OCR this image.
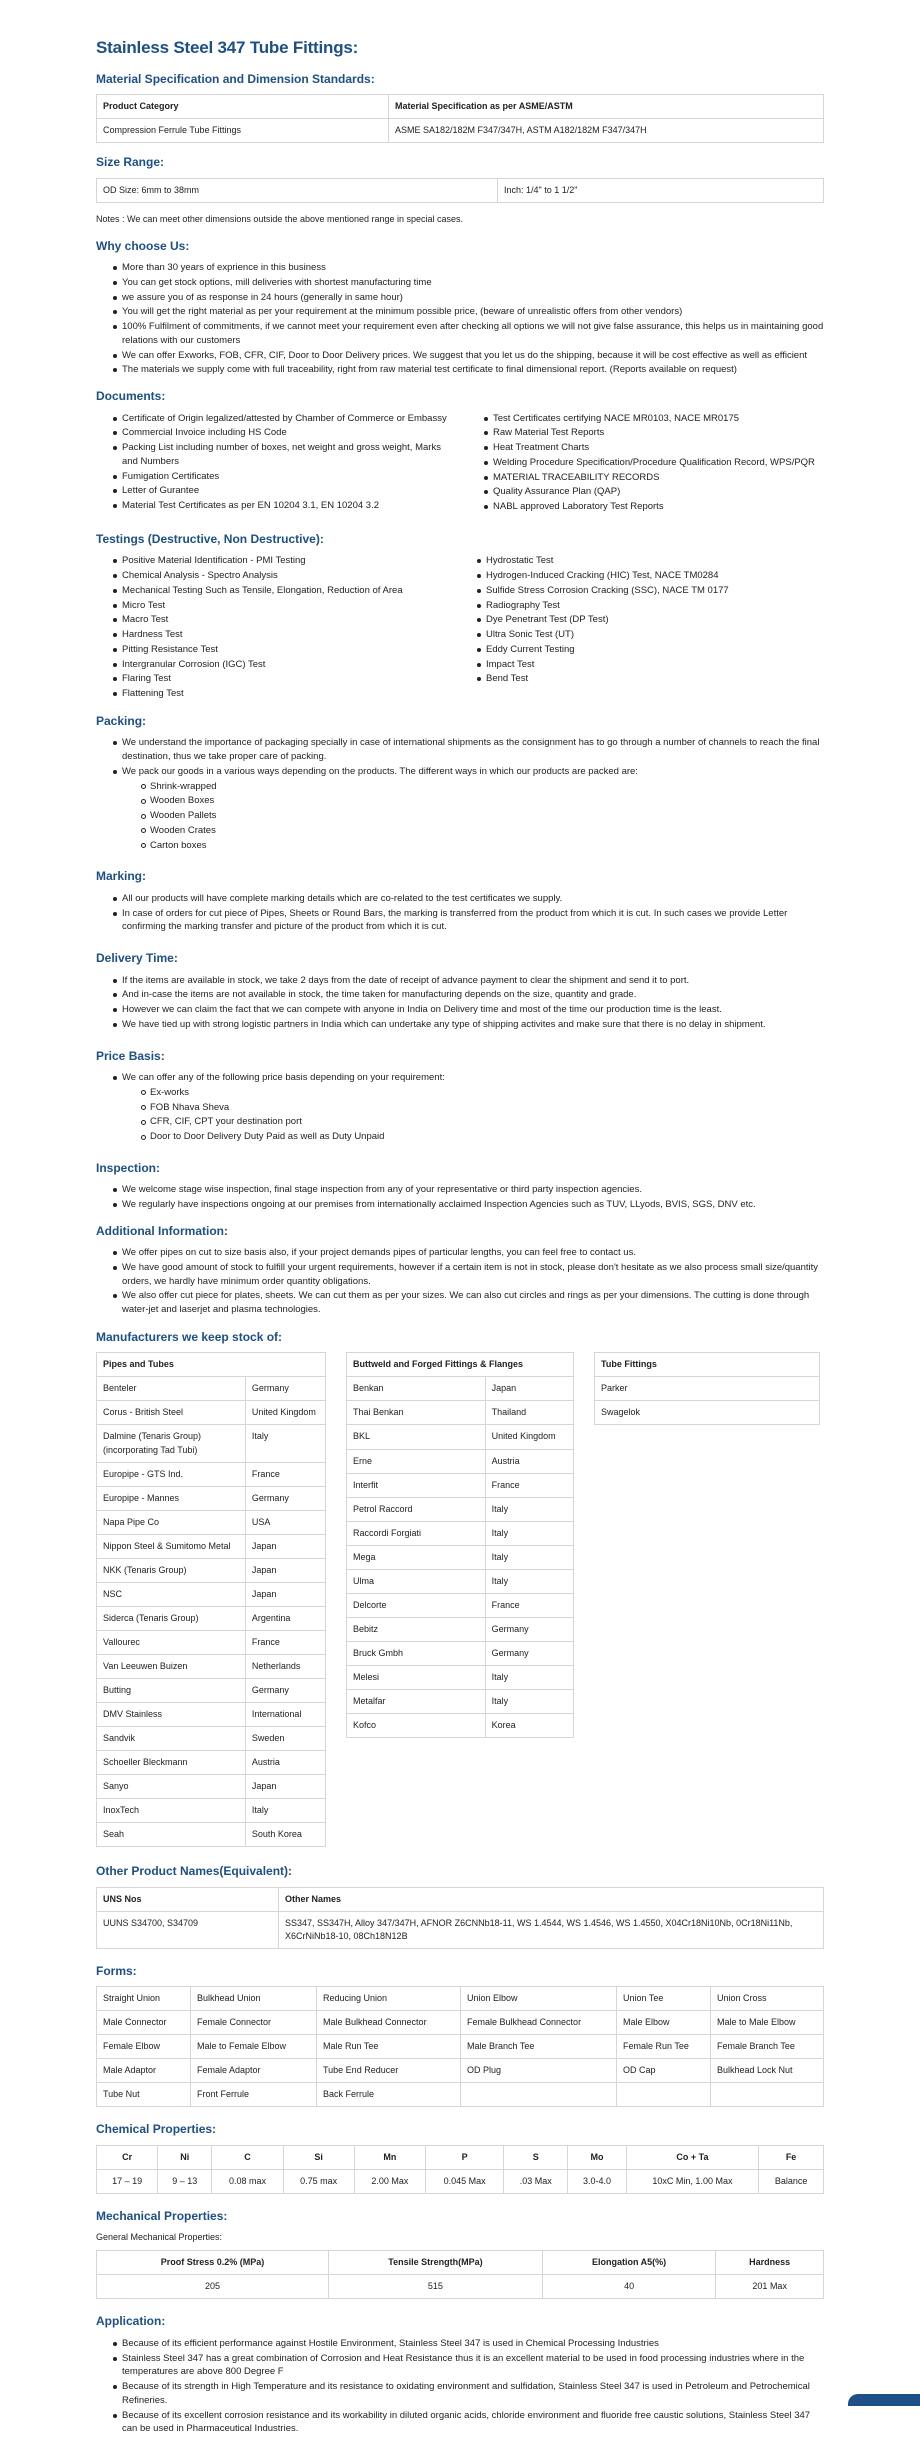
Stainless Steel 347 Tube Fittings:
Material Specification and Dimension Standards:
Product Category	Material Specification as per ASME/ASTM
Compression Ferrule Tube Fittings	ASME SA182/182M F347/347H, ASTM A182/182M F347/347H
Size Range:
OD Size: 6mm to 38mm	Inch: 1/4" to 1 1/2"

Notes : We can meet other dimensions outside the above mentioned range in special cases.

Why choose Us:
More than 30 years of exprience in this business
You can get stock options, mill deliveries with shortest manufacturing time
we assure you of as response in 24 hours (generally in same hour)
You will get the right material as per your requirement at the minimum possible price, (beware of unrealistic offers from other vendors)
100% Fulfilment of commitments, if we cannot meet your requirement even after checking all options we will not give false assurance, this helps us in maintaining good relations with our customers
We can offer Exworks, FOB, CFR, CIF, Door to Door Delivery prices. We suggest that you let us do the shipping, because it will be cost effective as well as efficient
The materials we supply come with full traceability, right from raw material test certificate to final dimensional report. (Reports available on request)
Documents:
Certificate of Origin legalized/attested by Chamber of Commerce or Embassy
Commercial Invoice including HS Code
Packing List including number of boxes, net weight and gross weight, Marks and Numbers
Fumigation Certificates
Letter of Gurantee
Material Test Certificates as per EN 10204 3.1, EN 10204 3.2
Test Certificates certifying NACE MR0103, NACE MR0175
Raw Material Test Reports
Heat Treatment Charts
Welding Procedure Specification/Procedure Qualification Record, WPS/PQR
MATERIAL TRACEABILITY RECORDS
Quality Assurance Plan (QAP)
NABL approved Laboratory Test Reports
Testings (Destructive, Non Destructive):
Positive Material Identification - PMI Testing
Chemical Analysis - Spectro Analysis
Mechanical Testing Such as Tensile, Elongation, Reduction of Area
Micro Test
Macro Test
Hardness Test
Pitting Resistance Test
Intergranular Corrosion (IGC) Test
Flaring Test
Flattening Test
Hydrostatic Test
Hydrogen-Induced Cracking (HIC) Test, NACE TM0284
Sulfide Stress Corrosion Cracking (SSC), NACE TM 0177
Radiography Test
Dye Penetrant Test (DP Test)
Ultra Sonic Test (UT)
Eddy Current Testing
Impact Test
Bend Test
Packing:
We understand the importance of packaging specially in case of international shipments as the consignment has to go through a number of channels to reach the final destination, thus we take proper care of packing.
We pack our goods in a various ways depending on the products. The different ways in which our products are packed are:
Shrink-wrapped
Wooden Boxes
Wooden Pallets
Wooden Crates
Carton boxes
Marking:
All our products will have complete marking details which are co-related to the test certificates we supply.
In case of orders for cut piece of Pipes, Sheets or Round Bars, the marking is transferred from the product from which it is cut. In such cases we provide Letter confirming the marking transfer and picture of the product from which it is cut.
Delivery Time:
If the items are available in stock, we take 2 days from the date of receipt of advance payment to clear the shipment and send it to port.
And in-case the items are not available in stock, the time taken for manufacturing depends on the size, quantity and grade.
However we can claim the fact that we can compete with anyone in India on Delivery time and most of the time our production time is the least.
We have tied up with strong logistic partners in India which can undertake any type of shipping activites and make sure that there is no delay in shipment.
Price Basis:
We can offer any of the following price basis depending on your requirement:
Ex-works
FOB Nhava Sheva
CFR, CIF, CPT your destination port
Door to Door Delivery Duty Paid as well as Duty Unpaid
Inspection:
We welcome stage wise inspection, final stage inspection from any of your representative or third party inspection agencies.
We regularly have inspections ongoing at our premises from internationally acclaimed Inspection Agencies such as TUV, LLyods, BVIS, SGS, DNV etc.
Additional Information:
We offer pipes on cut to size basis also, if your project demands pipes of particular lengths, you can feel free to contact us.
We have good amount of stock to fulfill your urgent requirements, however if a certain item is not in stock, please don't hesitate as we also process small size/quantity orders, we hardly have minimum order quantity obligations.
We also offer cut piece for plates, sheets. We can cut them as per your sizes. We can also cut circles and rings as per your dimensions. The cutting is done through water-jet and laserjet and plasma technologies.
Manufacturers we keep stock of:
Pipes and Tubes	
Benteler	Germany
Corus - British Steel	United Kingdom
Dalmine (Tenaris Group) (incorporating Tad Tubi)	Italy
Europipe - GTS Ind.	France
Europipe - Mannes	Germany
Napa Pipe Co	USA
Nippon Steel & Sumitomo Metal	Japan
NKK (Tenaris Group)	Japan
NSC	Japan
Siderca (Tenaris Group)	Argentina
Vallourec	France
Van Leeuwen Buizen	Netherlands
Butting	Germany
DMV Stainless	International
Sandvik	Sweden
Schoeller Bleckmann	Austria
Sanyo	Japan
InoxTech	Italy
Seah	South Korea
Buttweld and Forged Fittings & Flanges	
Benkan	Japan
Thai Benkan	Thailand
BKL	United Kingdom
Erne	Austria
Interfit	France
Petrol Raccord	Italy
Raccordi Forgiati	Italy
Mega	Italy
Ulma	Italy
Delcorte	France
Bebitz	Germany
Bruck Gmbh	Germany
Melesi	Italy
Metalfar	Italy
Kofco	Korea
Tube Fittings
Parker
Swagelok
Other Product Names(Equivalent):
UNS Nos	Other Names
UUNS S34700, S34709	SS347, SS347H, Alloy 347/347H, AFNOR Z6CNNb18-11, WS 1.4544, WS 1.4546, WS 1.4550, X04Cr18Ni10Nb, 0Cr18Ni11Nb, X6CrNiNb18-10, 08Ch18N12B
Forms:
Straight Union	Bulkhead Union	Reducing Union	Union Elbow	Union Tee	Union Cross
Male Connector	Female Connector	Male Bulkhead Connector	Female Bulkhead Connector	Male Elbow	Male to Male Elbow
Female Elbow	Male to Female Elbow	Male Run Tee	Male Branch Tee	Female Run Tee	Female Branch Tee
Male Adaptor	Female Adaptor	Tube End Reducer	OD Plug	OD Cap	Bulkhead Lock Nut
Tube Nut	Front Ferrule	Back Ferrule			
Chemical Properties:
Cr	Ni	C	Si	Mn	P	S	Mo	Co + Ta	Fe
17 – 19	9 – 13	0.08 max	0.75 max	2.00 Max	0.045 Max	.03 Max	3.0-4.0	10xC Min, 1.00 Max	Balance
Mechanical Properties:

General Mechanical Properties:

Proof Stress 0.2% (MPa)	Tensile Strength(MPa)	Elongation A5(%)	Hardness
205	515	40	201 Max
Application:
Because of its efficient performance against Hostile Environment, Stainless Steel 347 is used in Chemical Processing Industries
Stainless Steel 347 has a great combination of Corrosion and Heat Resistance thus it is an excellent material to be used in food processing industries where in the temperatures are above 800 Degree F
Because of its strength in High Temperature and its resistance to oxidating environment and sulfidation, Stainless Steel 347 is used in Petroleum and Petrochemical Refineries.
Because of its excellent corrosion resistance and its workability in diluted organic acids, chloride environment and fluoride free caustic solutions, Stainless Steel 347 can be used in Pharmaceutical Industries.
